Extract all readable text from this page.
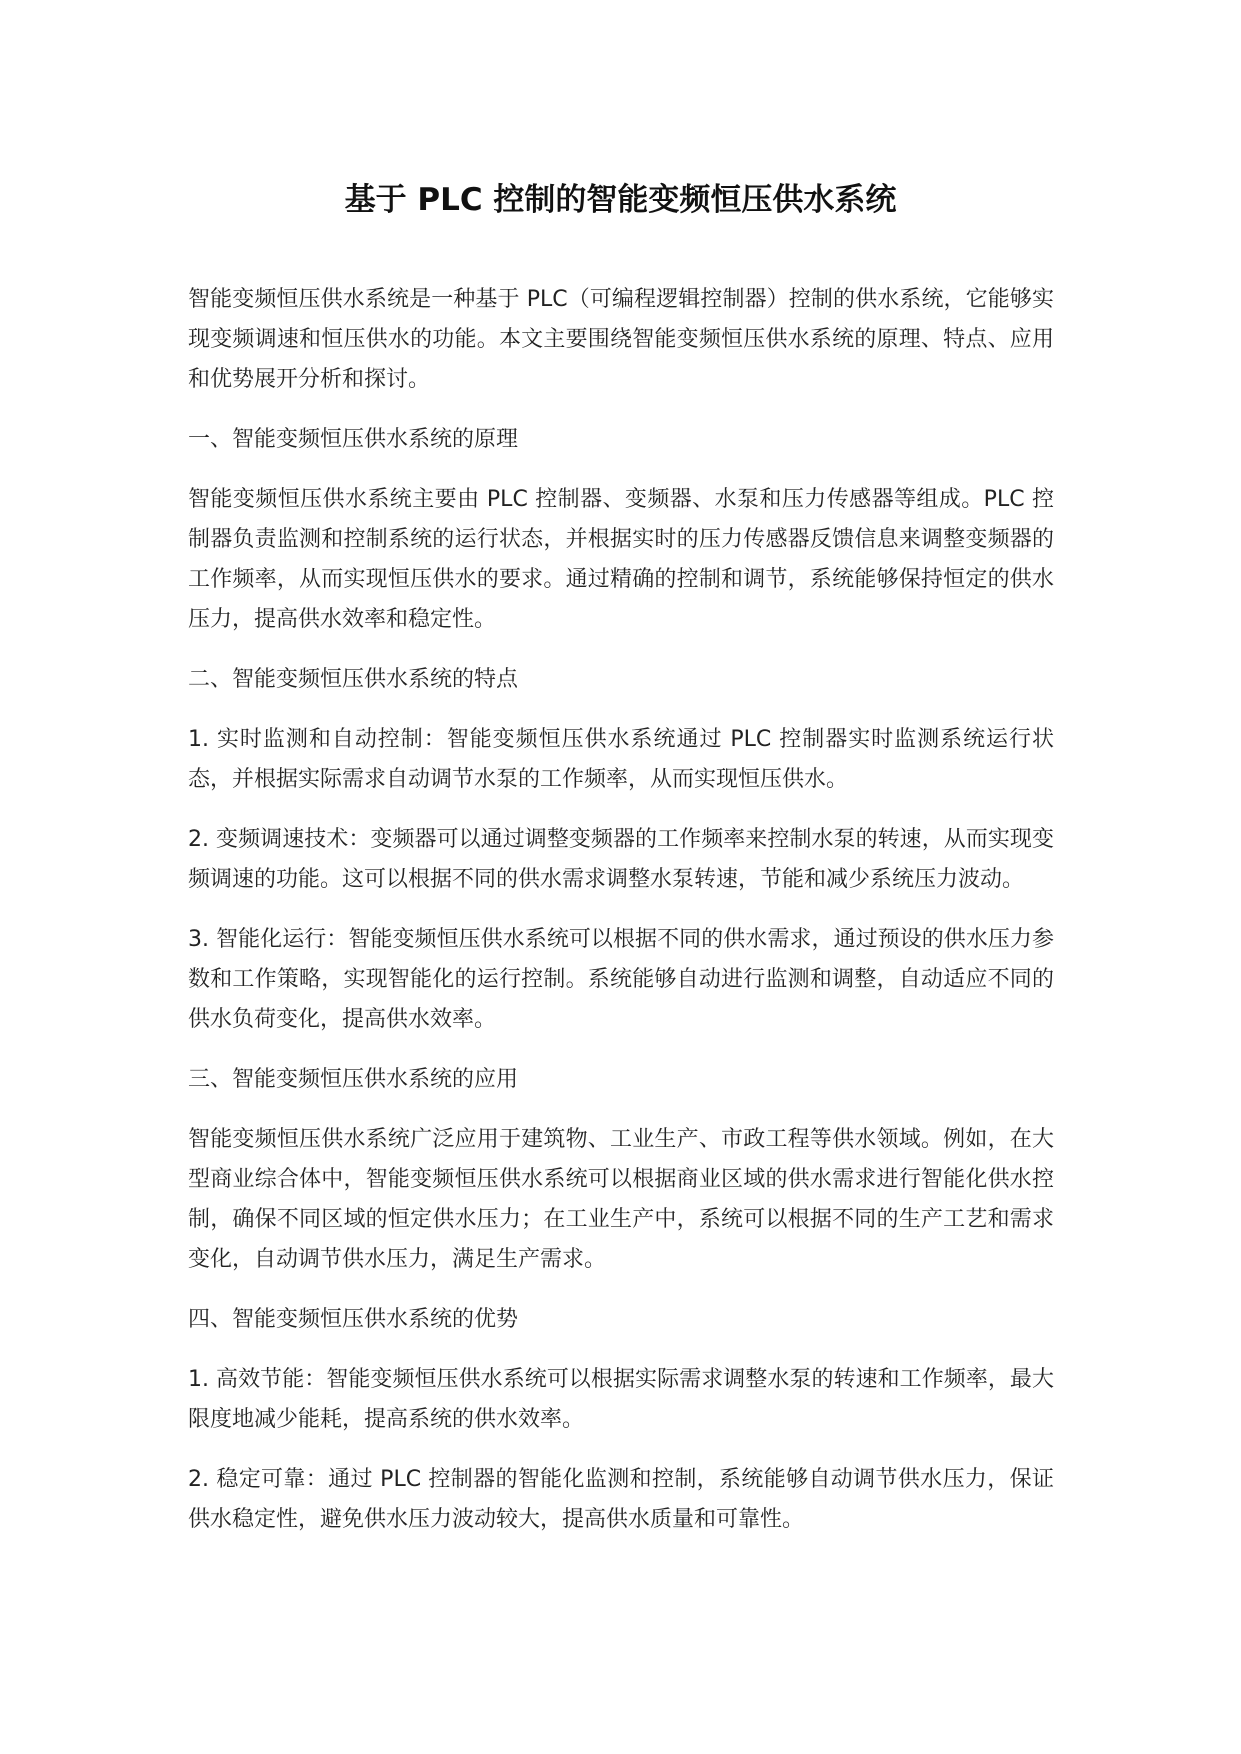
基于 PLC 控制的智能变频恒压供水系统

智能变频恒压供水系统是一种基于 PLC（可编程逻辑控制器）控制的供水系统，它能够实现变频调速和恒压供水的功能。本文主要围绕智能变频恒压供水系统的原理、特点、应用和优势展开分析和探讨。

一、智能变频恒压供水系统的原理

智能变频恒压供水系统主要由 PLC 控制器、变频器、水泵和压力传感器等组成。PLC 控制器负责监测和控制系统的运行状态，并根据实时的压力传感器反馈信息来调整变频器的工作频率，从而实现恒压供水的要求。通过精确的控制和调节，系统能够保持恒定的供水压力，提高供水效率和稳定性。

二、智能变频恒压供水系统的特点

1. 实时监测和自动控制：智能变频恒压供水系统通过 PLC 控制器实时监测系统运行状态，并根据实际需求自动调节水泵的工作频率，从而实现恒压供水。

2. 变频调速技术：变频器可以通过调整变频器的工作频率来控制水泵的转速，从而实现变频调速的功能。这可以根据不同的供水需求调整水泵转速，节能和减少系统压力波动。

3. 智能化运行：智能变频恒压供水系统可以根据不同的供水需求，通过预设的供水压力参数和工作策略，实现智能化的运行控制。系统能够自动进行监测和调整，自动适应不同的供水负荷变化，提高供水效率。

三、智能变频恒压供水系统的应用

智能变频恒压供水系统广泛应用于建筑物、工业生产、市政工程等供水领域。例如，在大型商业综合体中，智能变频恒压供水系统可以根据商业区域的供水需求进行智能化供水控制，确保不同区域的恒定供水压力；在工业生产中，系统可以根据不同的生产工艺和需求变化，自动调节供水压力，满足生产需求。

四、智能变频恒压供水系统的优势

1. 高效节能：智能变频恒压供水系统可以根据实际需求调整水泵的转速和工作频率，最大限度地减少能耗，提高系统的供水效率。

2. 稳定可靠：通过 PLC 控制器的智能化监测和控制，系统能够自动调节供水压力，保证供水稳定性，避免供水压力波动较大，提高供水质量和可靠性。
